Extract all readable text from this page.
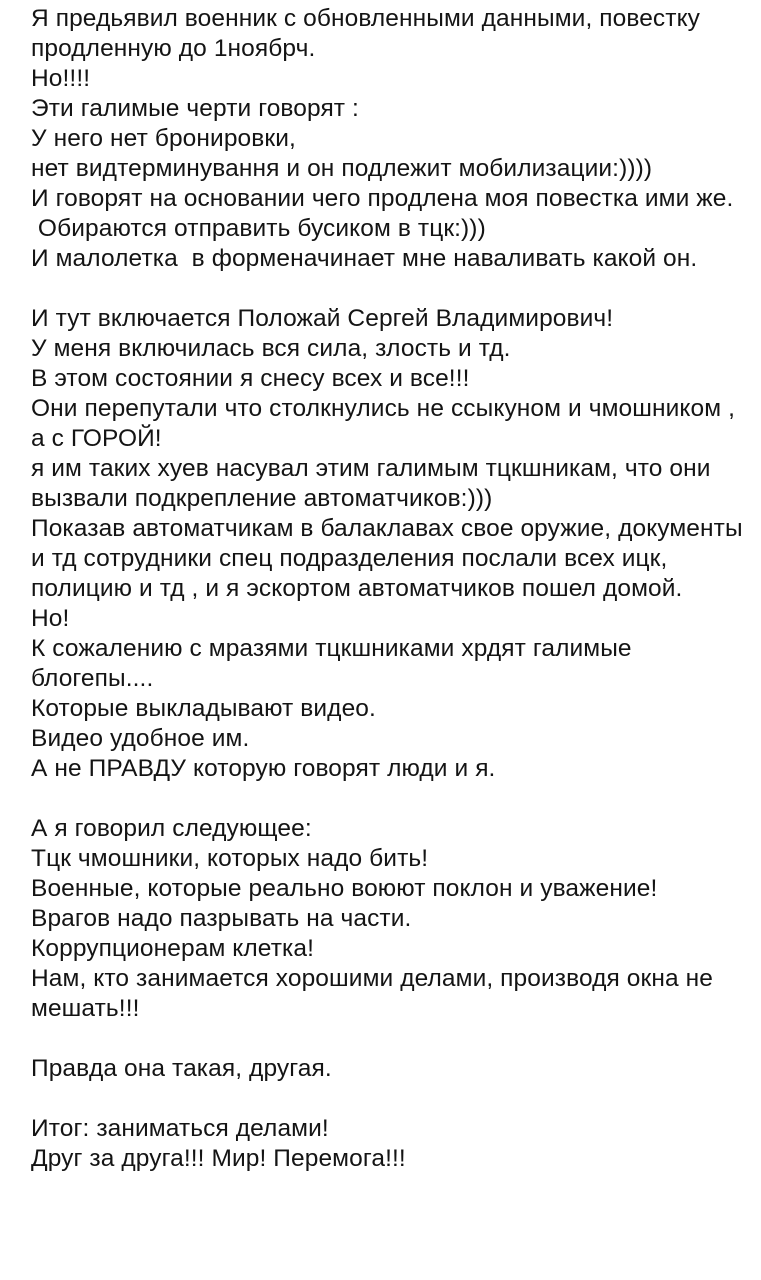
Я предьявил военник с обновленными данными, повестку продленную до 1ноябрч.

Но!!!!

Эти галимые черти говорят :

У него нет бронировки,

нет видтерминування и он подлежит мобилизации:))))

И говорят на основании чего продлена моя повестка ими же.

Обираются отправить бусиком в тцк:)))

И малолетка  в форменачинает мне наваливать какой он.

И тут включается Положай Сергей Владимирович!

У меня включилась вся сила, злость и тд.

В этом состоянии я снесу всех и все!!!

Они перепутали что столкнулись не ссыкуном и чмошником , а с ГОРОЙ!

я им таких хуев насувал этим галимым тцкшникам, что они вызвали подкрепление автоматчиков:)))

Показав автоматчикам в балаклавах свое оружие, документы и тд сотрудники спец подразделения послали всех ицк, полицию и тд , и я эскортом автоматчиков пошел домой.

Но!

К сожалению с мразями тцкшниками хрдят галимые блогепы....

Которые выкладывают видео.

Видео удобное им.

А не ПРАВДУ которую говорят люди и я.

А я говорил следующее:

Тцк чмошники, которых надо бить!

Военные, которые реально воюют поклон и уважение!

Врагов надо пазрывать на части.

Коррупционерам клетка!

Нам, кто занимается хорошими делами, производя окна не мешать!!!

Правда она такая, другая.

Итог: заниматься делами!

Друг за друга!!! Мир! Перемога!!!
